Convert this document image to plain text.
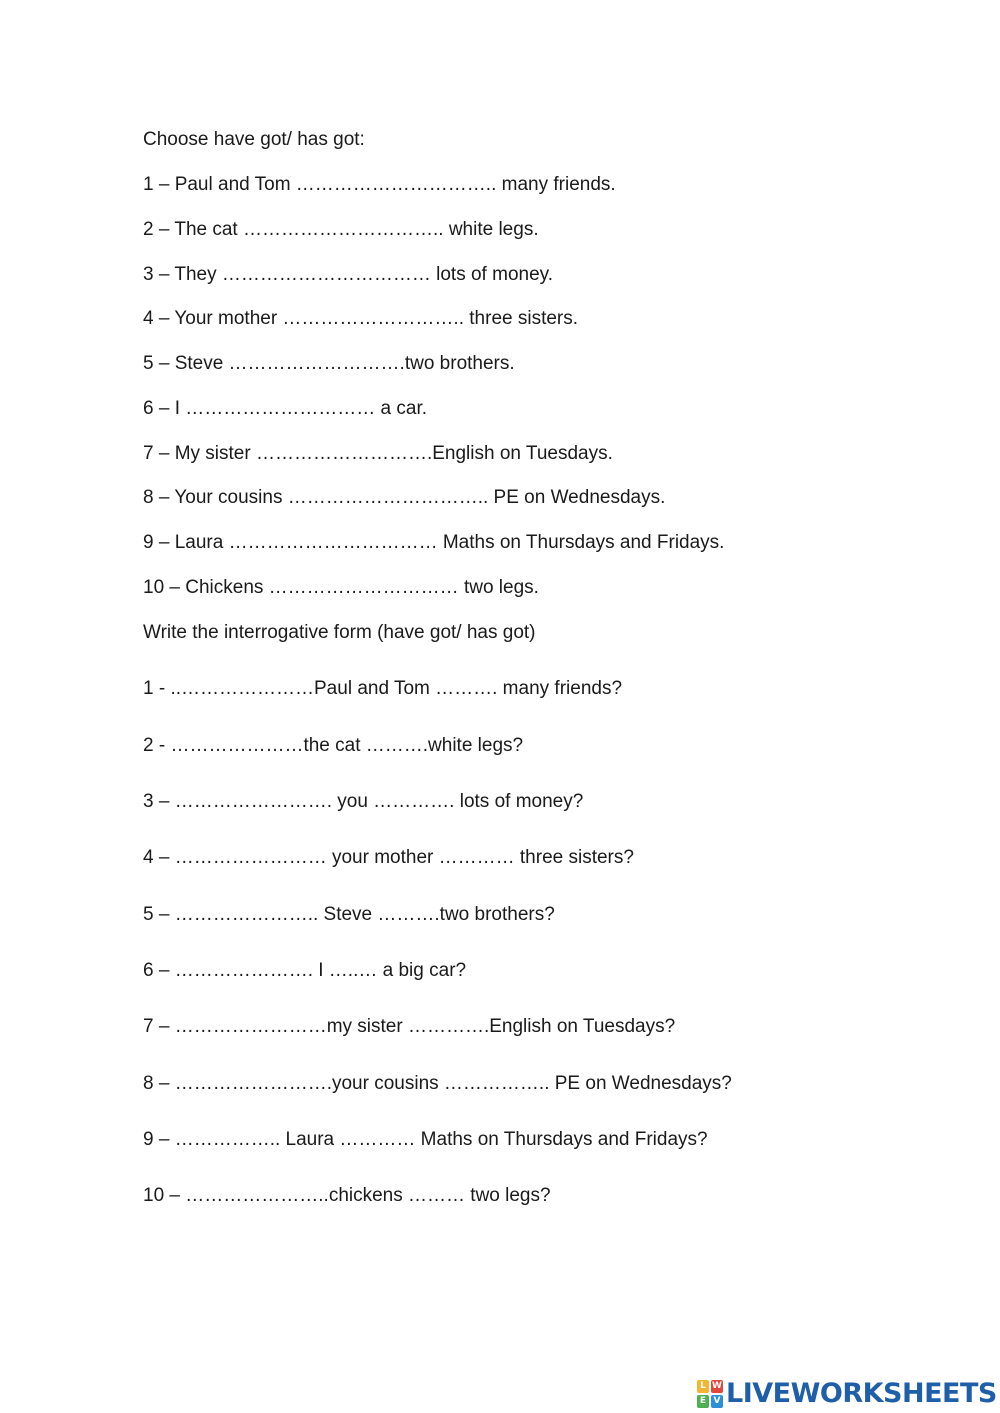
Choose have got/ has got:
1 – Paul and Tom ………………………….. many friends.
2 – The cat ………………………….. white legs.
3 – They …………………………… lots of money.
4 – Your mother ……………………….. three sisters.
5 – Steve ……………………….two brothers.
6 – I ………………………… a car.
7 – My sister ……………………….English on Tuesdays.
8 – Your cousins ………………………….. PE on Wednesdays.
9 – Laura …………………………… Maths on Thursdays and Fridays.
10 – Chickens ………………………… two legs.
Write the interrogative form (have got/ has got)
1 - ..…………………Paul and Tom ………. many friends?
2 - …………………the cat ……….white legs?
3 – ……………………. you …………. lots of money?
4 – …………………… your mother ………… three sisters?
5 – ………………….. Steve ……….two brothers?
6 – …………………. I …..… a big car?
7 – ……………………my sister ………….English on Tuesdays?
8 – …………………….your cousins …………….. PE on Wednesdays?
9 – …………….. Laura ………… Maths on Thursdays and Fridays?
10 – …………………..chickens ……… two legs?
L W
E V LIVEWORKSHEETS
